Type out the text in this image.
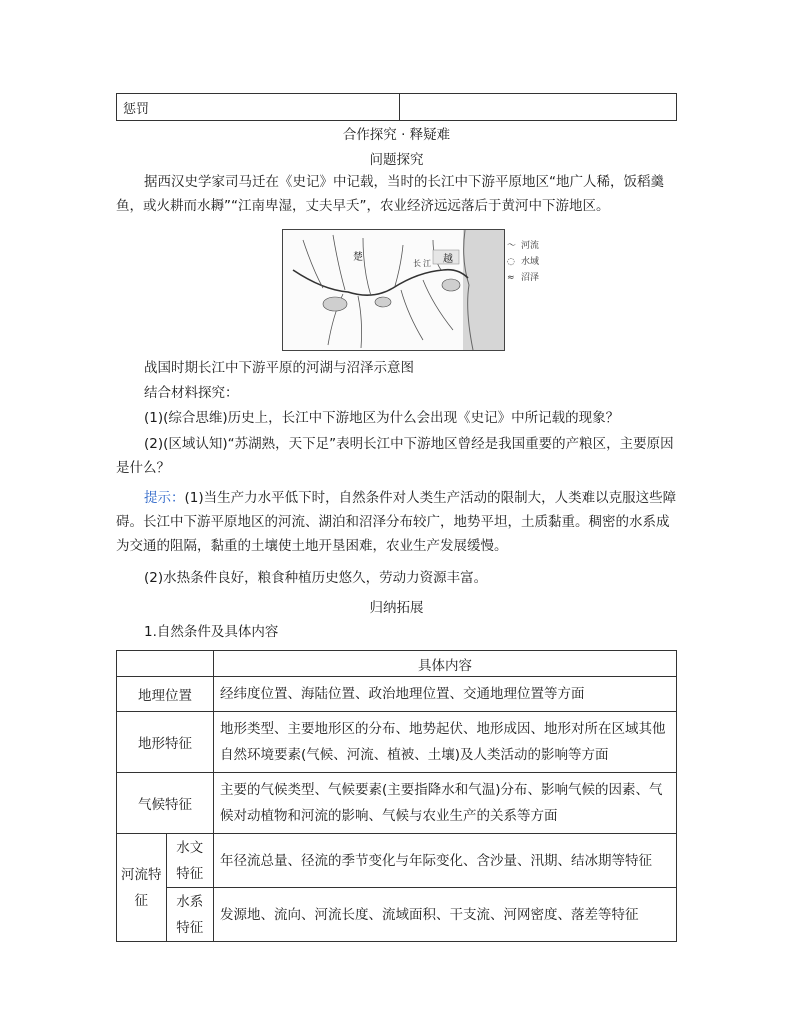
惩罚	
合作探究 · 释疑难
问题探究
据西汉史学家司马迁在《史记》中记载，当时的长江中下游平原地区“地广人稀，饭稻羹鱼，或火耕而水耨”“江南卑湿，丈夫早夭”，农业经济远远落后于黄河中下游地区。
楚	越
长 江
〜 河流
◌ 水域
≈ 沼泽
战国时期长江中下游平原的河湖与沼泽示意图
结合材料探究：
(1)(综合思维)历史上，长江中下游地区为什么会出现《史记》中所记载的现象？
(2)(区域认知)“苏湖熟，天下足”表明长江中下游地区曾经是我国重要的产粮区，主要原因是什么？
提示：(1)当生产力水平低下时，自然条件对人类生产活动的限制大，人类难以克服这些障碍。长江中下游平原地区的河流、湖泊和沼泽分布较广，地势平坦，土质黏重。稠密的水系成为交通的阻隔，黏重的土壤使土地开垦困难，农业生产发展缓慢。
(2)水热条件良好，粮食种植历史悠久，劳动力资源丰富。
归纳拓展
1.自然条件及具体内容
		具体内容
地理位置		经纬度位置、海陆位置、政治地理位置、交通地理位置等方面
地形特征		地形类型、主要地形区的分布、地势起伏、地形成因、地形对所在区域其他自然环境要素(气候、河流、植被、土壤)及人类活动的影响等方面
气候特征		主要的气候类型、气候要素(主要指降水和气温)分布、影响气候的因素、气候对动植物和河流的影响、气候与农业生产的关系等方面
河流特征	水文特征	年径流总量、径流的季节变化与年际变化、含沙量、汛期、结冰期等特征
	水系特征	发源地、流向、河流长度、流域面积、干支流、河网密度、落差等特征
